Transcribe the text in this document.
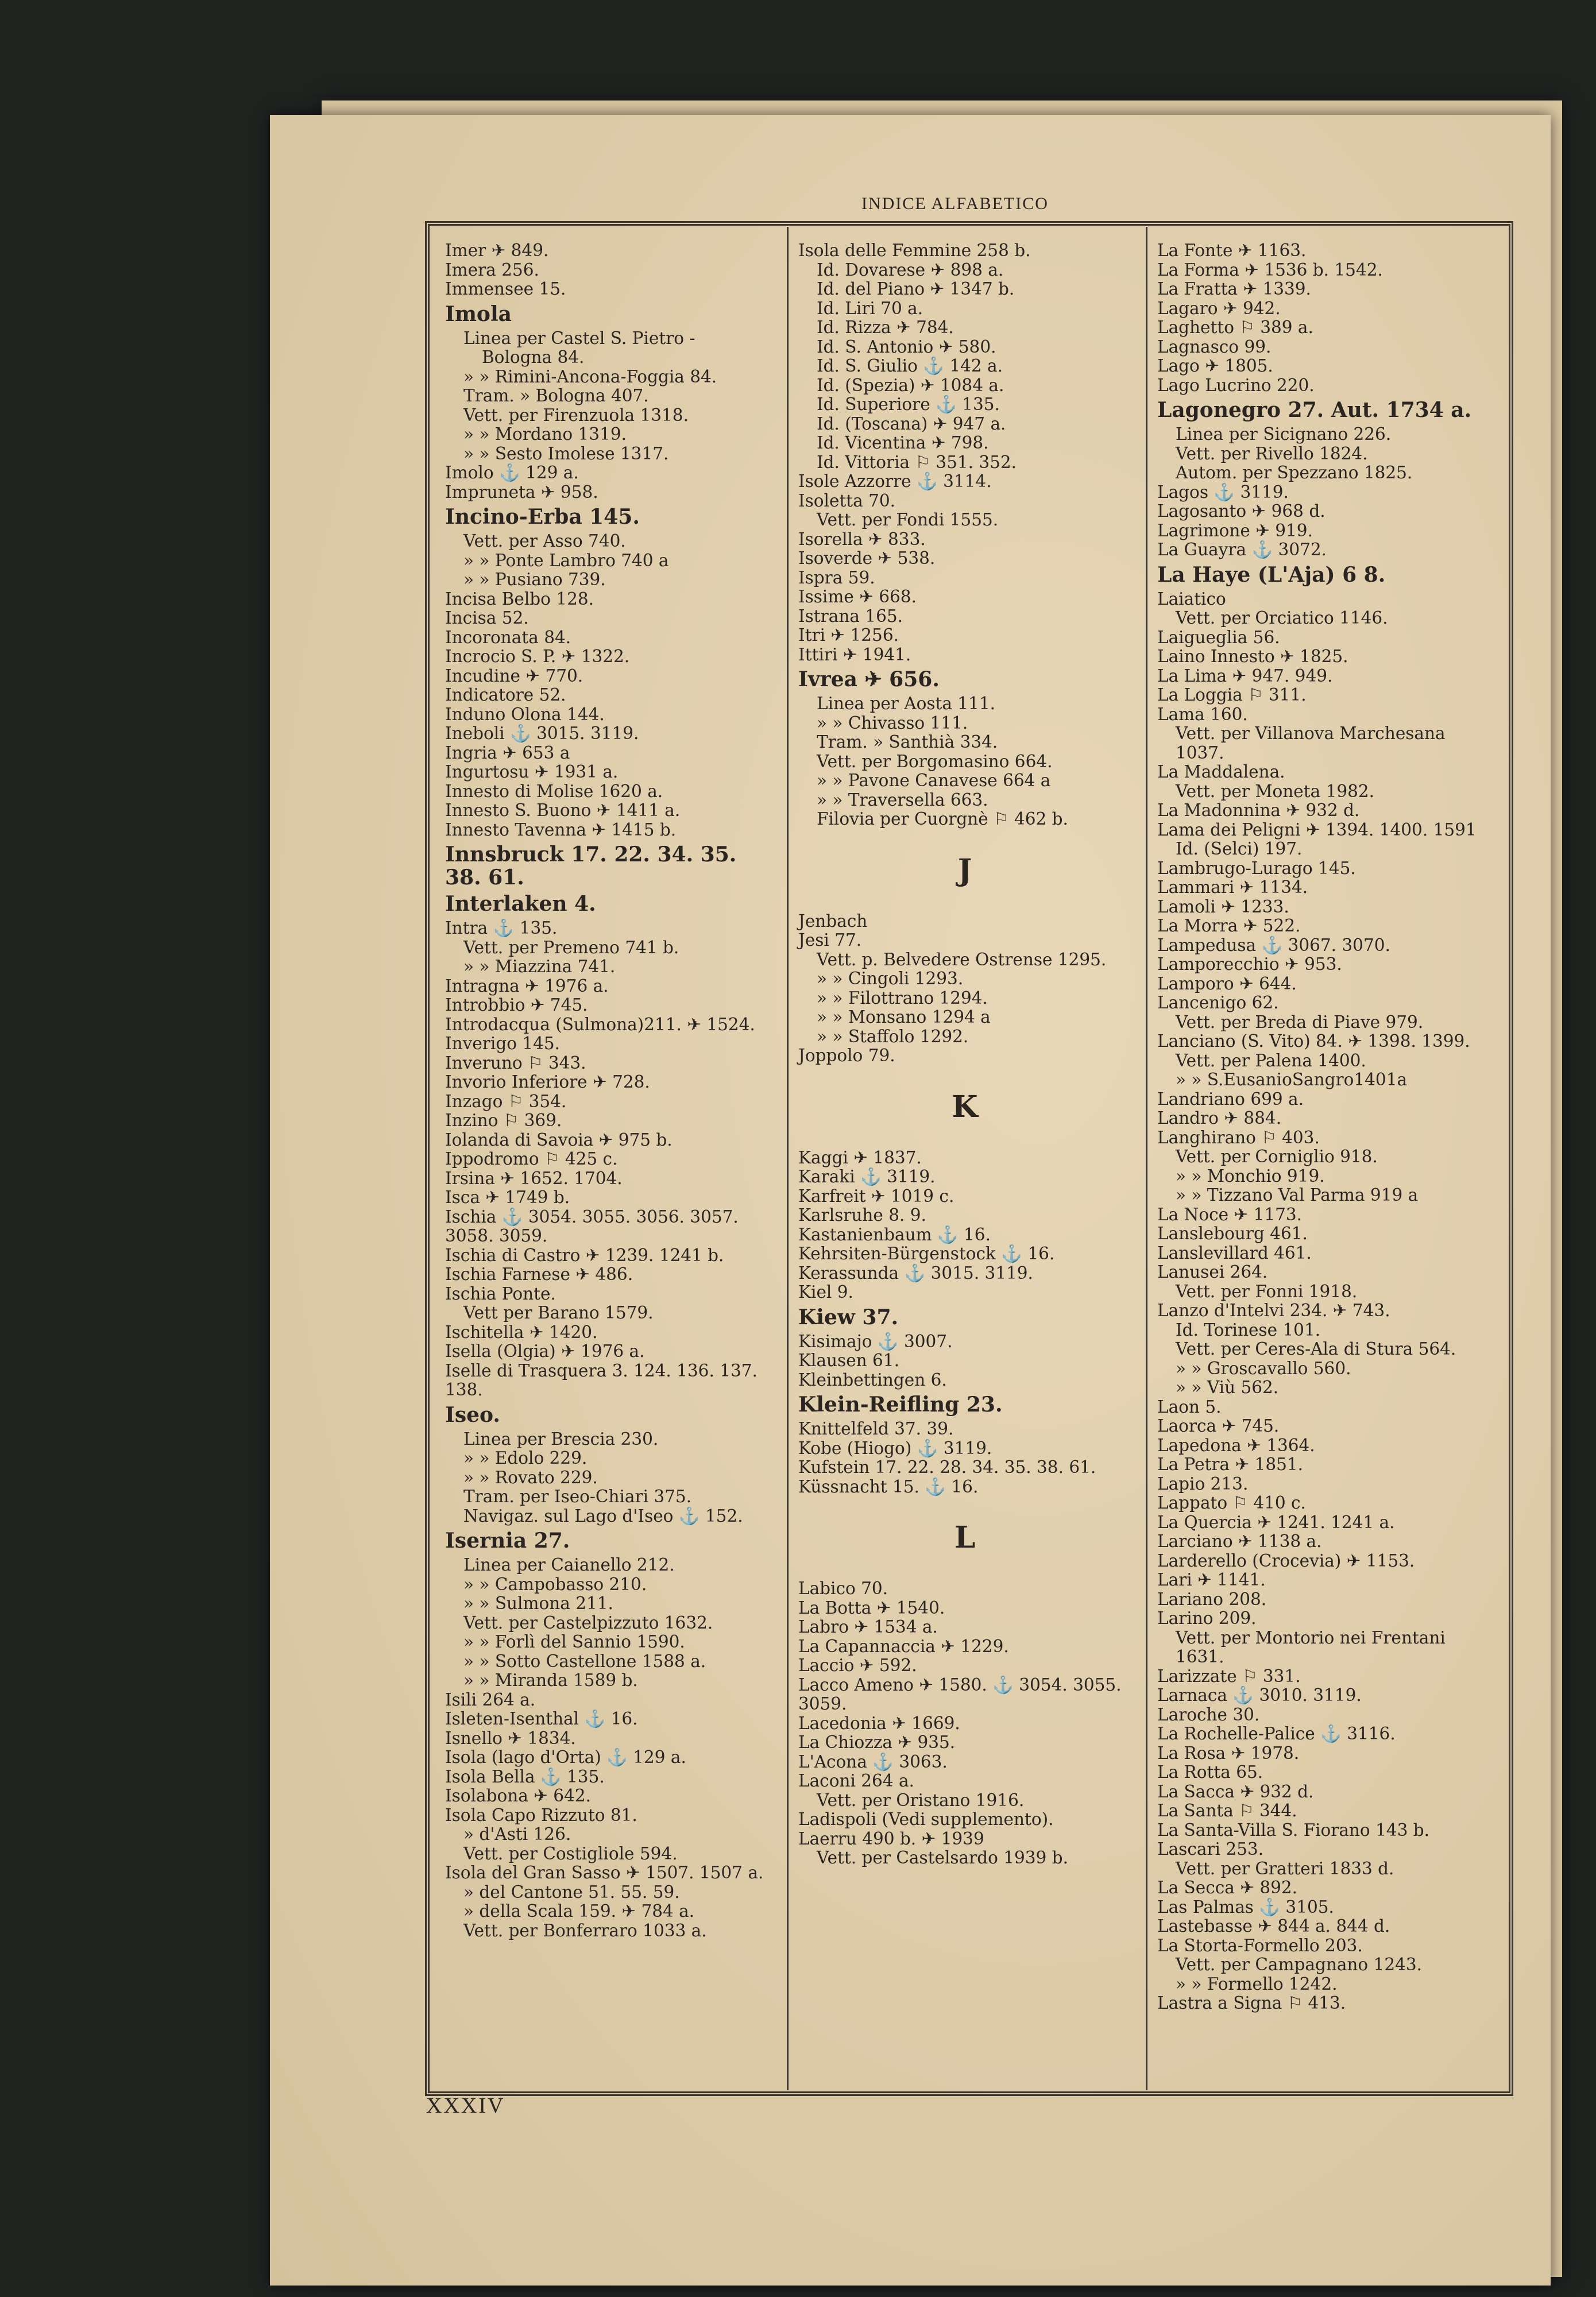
INDICE ALFABETICO
Imer ✈ 849.
Imera 256.
Immensee 15.
Imola
Linea per Castel S. Pietro -
Bologna 84.
» » Rimini-Ancona-Foggia 84.
Tram. » Bologna 407.
Vett. per Firenzuola 1318.
» » Mordano 1319.
» » Sesto Imolese 1317.
Imolo ⚓ 129 a.
Impruneta ✈ 958.
Incino-Erba 145.
Vett. per Asso 740.
» » Ponte Lambro 740 a
» » Pusiano 739.
Incisa Belbo 128.
Incisa 52.
Incoronata 84.
Incrocio S. P. ✈ 1322.
Incudine ✈ 770.
Indicatore 52.
Induno Olona 144.
Ineboli ⚓ 3015. 3119.
Ingria ✈ 653 a
Ingurtosu ✈ 1931 a.
Innesto di Molise 1620 a.
Innesto S. Buono ✈ 1411 a.
Innesto Tavenna ✈ 1415 b.
Innsbruck 17. 22. 34. 35. 38. 61.
Interlaken 4.
Intra ⚓ 135.
Vett. per Premeno 741 b.
» » Miazzina 741.
Intragna ✈ 1976 a.
Introbbio ✈ 745.
Introdacqua (Sulmona)211. ✈ 1524.
Inverigo 145.
Inveruno ⚐ 343.
Invorio Inferiore ✈ 728.
Inzago ⚐ 354.
Inzino ⚐ 369.
Iolanda di Savoia ✈ 975 b.
Ippodromo ⚐ 425 c.
Irsina ✈ 1652. 1704.
Isca ✈ 1749 b.
Ischia ⚓ 3054. 3055. 3056. 3057. 3058. 3059.
Ischia di Castro ✈ 1239. 1241 b.
Ischia Farnese ✈ 486.
Ischia Ponte.
Vett per Barano 1579.
Ischitella ✈ 1420.
Isella (Olgia) ✈ 1976 a.
Iselle di Trasquera 3. 124. 136. 137. 138.
Iseo.
Linea per Brescia 230.
» » Edolo 229.
» » Rovato 229.
Tram. per Iseo-Chiari 375.
Navigaz. sul Lago d'Iseo ⚓ 152.
Isernia 27.
Linea per Caianello 212.
» » Campobasso 210.
» » Sulmona 211.
Vett. per Castelpizzuto 1632.
» » Forlì del Sannio 1590.
» » Sotto Castellone 1588 a.
» » Miranda 1589 b.
Isili 264 a.
Isleten-Isenthal ⚓ 16.
Isnello ✈ 1834.
Isola (lago d'Orta) ⚓ 129 a.
Isola Bella ⚓ 135.
Isolabona ✈ 642.
Isola Capo Rizzuto 81.
» d'Asti 126.
Vett. per Costigliole 594.
Isola del Gran Sasso ✈ 1507. 1507 a.
» del Cantone 51. 55. 59.
» della Scala 159. ✈ 784 a.
Vett. per Bonferraro 1033 a.
Isola delle Femmine 258 b.
Id. Dovarese ✈ 898 a.
Id. del Piano ✈ 1347 b.
Id. Liri 70 a.
Id. Rizza ✈ 784.
Id. S. Antonio ✈ 580.
Id. S. Giulio ⚓ 142 a.
Id. (Spezia) ✈ 1084 a.
Id. Superiore ⚓ 135.
Id. (Toscana) ✈ 947 a.
Id. Vicentina ✈ 798.
Id. Vittoria ⚐ 351. 352.
Isole Azzorre ⚓ 3114.
Isoletta 70.
Vett. per Fondi 1555.
Isorella ✈ 833.
Isoverde ✈ 538.
Ispra 59.
Issime ✈ 668.
Istrana 165.
Itri ✈ 1256.
Ittiri ✈ 1941.
Ivrea ✈ 656.
Linea per Aosta 111.
» » Chivasso 111.
Tram. » Santhià 334.
Vett. per Borgomasino 664.
» » Pavone Canavese 664 a
» » Traversella 663.
Filovia per Cuorgnè ⚐ 462 b.
J
Jenbach
Jesi 77.
Vett. p. Belvedere Ostrense 1295.
» » Cingoli 1293.
» » Filottrano 1294.
» » Monsano 1294 a
» » Staffolo 1292.
Joppolo 79.
K
Kaggi ✈ 1837.
Karaki ⚓ 3119.
Karfreit ✈ 1019 c.
Karlsruhe 8. 9.
Kastanienbaum ⚓ 16.
Kehrsiten-Bürgenstock ⚓ 16.
Kerassunda ⚓ 3015. 3119.
Kiel 9.
Kiew 37.
Kisimajo ⚓ 3007.
Klausen 61.
Kleinbettingen 6.
Klein-Reifling 23.
Knittelfeld 37. 39.
Kobe (Hiogo) ⚓ 3119.
Kufstein 17. 22. 28. 34. 35. 38. 61.
Küssnacht 15. ⚓ 16.
L
Labico 70.
La Botta ✈ 1540.
Labro ✈ 1534 a.
La Capannaccia ✈ 1229.
Laccio ✈ 592.
Lacco Ameno ✈ 1580. ⚓ 3054. 3055. 3059.
Lacedonia ✈ 1669.
La Chiozza ✈ 935.
L'Acona ⚓ 3063.
Laconi 264 a.
Vett. per Oristano 1916.
Ladispoli (Vedi supplemento).
Laerru 490 b. ✈ 1939
Vett. per Castelsardo 1939 b.
La Fonte ✈ 1163.
La Forma ✈ 1536 b. 1542.
La Fratta ✈ 1339.
Lagaro ✈ 942.
Laghetto ⚐ 389 a.
Lagnasco 99.
Lago ✈ 1805.
Lago Lucrino 220.
Lagonegro 27. Aut. 1734 a.
Linea per Sicignano 226.
Vett. per Rivello 1824.
Autom. per Spezzano 1825.
Lagos ⚓ 3119.
Lagosanto ✈ 968 d.
Lagrimone ✈ 919.
La Guayra ⚓ 3072.
La Haye (L'Aja) 6 8.
Laiatico
Vett. per Orciatico 1146.
Laigueglia 56.
Laino Innesto ✈ 1825.
La Lima ✈ 947. 949.
La Loggia ⚐ 311.
Lama 160.
Vett. per Villanova Marchesana 1037.
La Maddalena.
Vett. per Moneta 1982.
La Madonnina ✈ 932 d.
Lama dei Peligni ✈ 1394. 1400. 1591
Id. (Selci) 197.
Lambrugo-Lurago 145.
Lammari ✈ 1134.
Lamoli ✈ 1233.
La Morra ✈ 522.
Lampedusa ⚓ 3067. 3070.
Lamporecchio ✈ 953.
Lamporo ✈ 644.
Lancenigo 62.
Vett. per Breda di Piave 979.
Lanciano (S. Vito) 84. ✈ 1398. 1399.
Vett. per Palena 1400.
» » S.EusanioSangro1401a
Landriano 699 a.
Landro ✈ 884.
Langhirano ⚐ 403.
Vett. per Corniglio 918.
» » Monchio 919.
» » Tizzano Val Parma 919 a
La Noce ✈ 1173.
Lanslebourg 461.
Lanslevillard 461.
Lanusei 264.
Vett. per Fonni 1918.
Lanzo d'Intelvi 234. ✈ 743.
Id. Torinese 101.
Vett. per Ceres-Ala di Stura 564.
» » Groscavallo 560.
» » Viù 562.
Laon 5.
Laorca ✈ 745.
Lapedona ✈ 1364.
La Petra ✈ 1851.
Lapio 213.
Lappato ⚐ 410 c.
La Quercia ✈ 1241. 1241 a.
Larciano ✈ 1138 a.
Larderello (Crocevia) ✈ 1153.
Lari ✈ 1141.
Lariano 208.
Larino 209.
Vett. per Montorio nei Frentani 1631.
Larizzate ⚐ 331.
Larnaca ⚓ 3010. 3119.
Laroche 30.
La Rochelle-Palice ⚓ 3116.
La Rosa ✈ 1978.
La Rotta 65.
La Sacca ✈ 932 d.
La Santa ⚐ 344.
La Santa-Villa S. Fiorano 143 b.
Lascari 253.
Vett. per Gratteri 1833 d.
La Secca ✈ 892.
Las Palmas ⚓ 3105.
Lastebasse ✈ 844 a. 844 d.
La Storta-Formello 203.
Vett. per Campagnano 1243.
» » Formello 1242.
Lastra a Signa ⚐ 413.
XXXIV
